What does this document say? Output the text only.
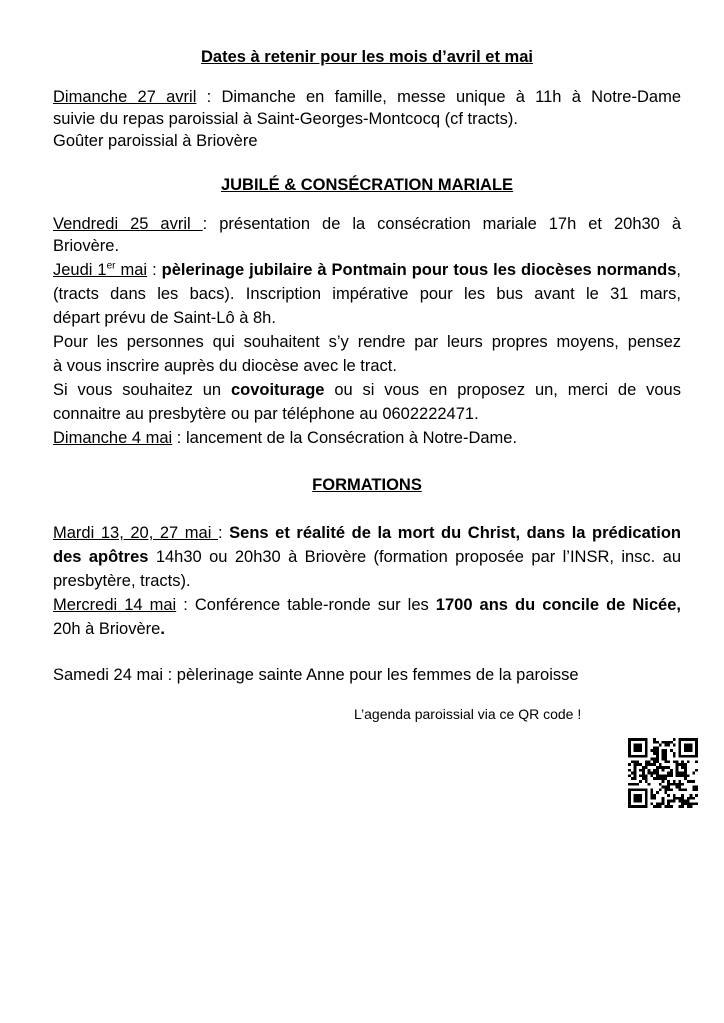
Dates à retenir pour les mois d’avril et mai
Dimanche 27 avril : Dimanche en famille, messe unique à 11h à Notre-Dame
suivie du repas paroissial à Saint-Georges-Montcocq (cf tracts).
Goûter paroissial à Briovère
JUBILÉ & CONSÉCRATION MARIALE
Vendredi 25 avril : présentation de la consécration mariale 17h et 20h30 à
Briovère.
Jeudi 1er mai : pèlerinage jubilaire à Pontmain pour tous les diocèses normands,
(tracts dans les bacs). Inscription impérative pour les bus avant le 31 mars,
départ prévu de Saint-Lô à 8h.
Pour les personnes qui souhaitent s’y rendre par leurs propres moyens, pensez
à vous inscrire auprès du diocèse avec le tract.
Si vous souhaitez un covoiturage ou si vous en proposez un, merci de vous
connaitre au presbytère ou par téléphone au 0602222471.
Dimanche 4 mai : lancement de la Consécration à Notre-Dame.
FORMATIONS
Mardi 13, 20, 27 mai : Sens et réalité de la mort du Christ, dans la prédication
des apôtres 14h30 ou 20h30 à Briovère (formation proposée par l’INSR, insc. au
presbytère, tracts).
Mercredi 14 mai : Conférence table-ronde sur les 1700 ans du concile de Nicée,
20h à Briovère.
Samedi 24 mai : pèlerinage sainte Anne pour les femmes de la paroisse
L’agenda paroissial via ce QR code !
